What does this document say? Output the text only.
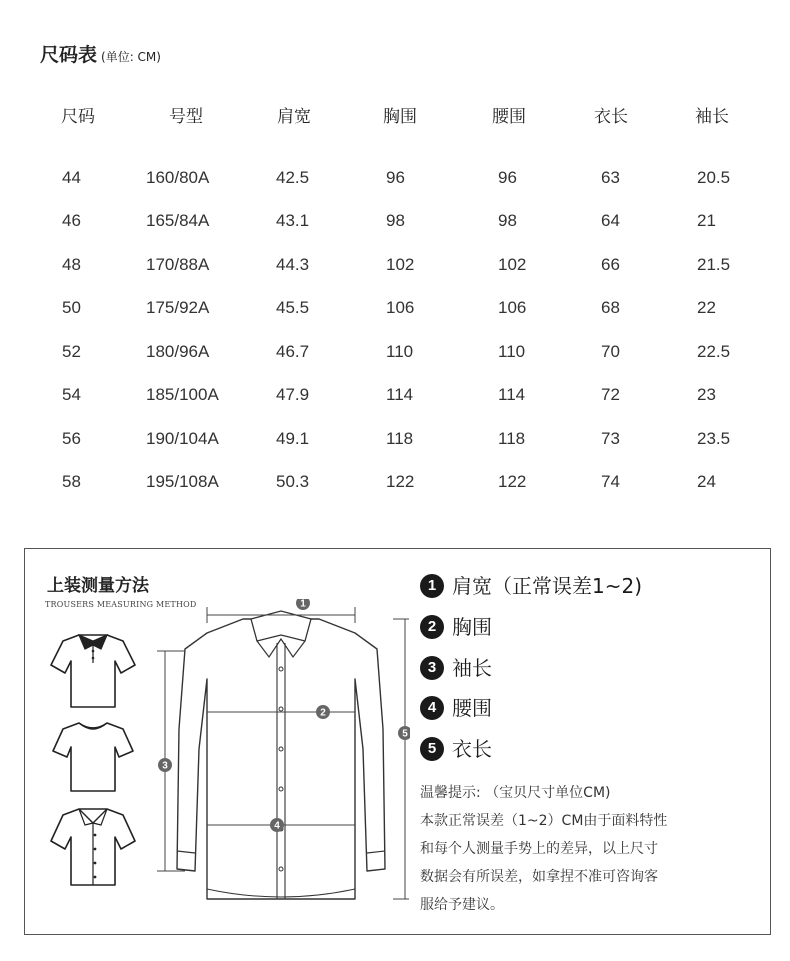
尺码表 (单位: CM)
尺码	号型	肩宽	胸围	腰围	衣长	袖长
44	160/80A	42.5	96	96	63	20.5
46	165/84A	43.1	98	98	64	21
48	170/88A	44.3	102	102	66	21.5
50	175/92A	45.5	106	106	68	22
52	180/96A	46.7	110	110	70	22.5
54	185/100A	47.9	114	114	72	23
56	190/104A	49.1	118	118	73	23.5
58	195/108A	50.3	122	122	74	24
上装测量方法
TROUSERS MEASURING METHOD	1
2
3
4
5
1 肩宽（正常误差1~2)
2 胸围
3 袖长
4 腰围
5 衣长
温馨提示: （宝贝尺寸单位CM)
本款正常误差（1~2）CM由于面料特性
和每个人测量手势上的差异，以上尺寸
数据会有所误差，如拿捏不准可咨询客
服给予建议。
